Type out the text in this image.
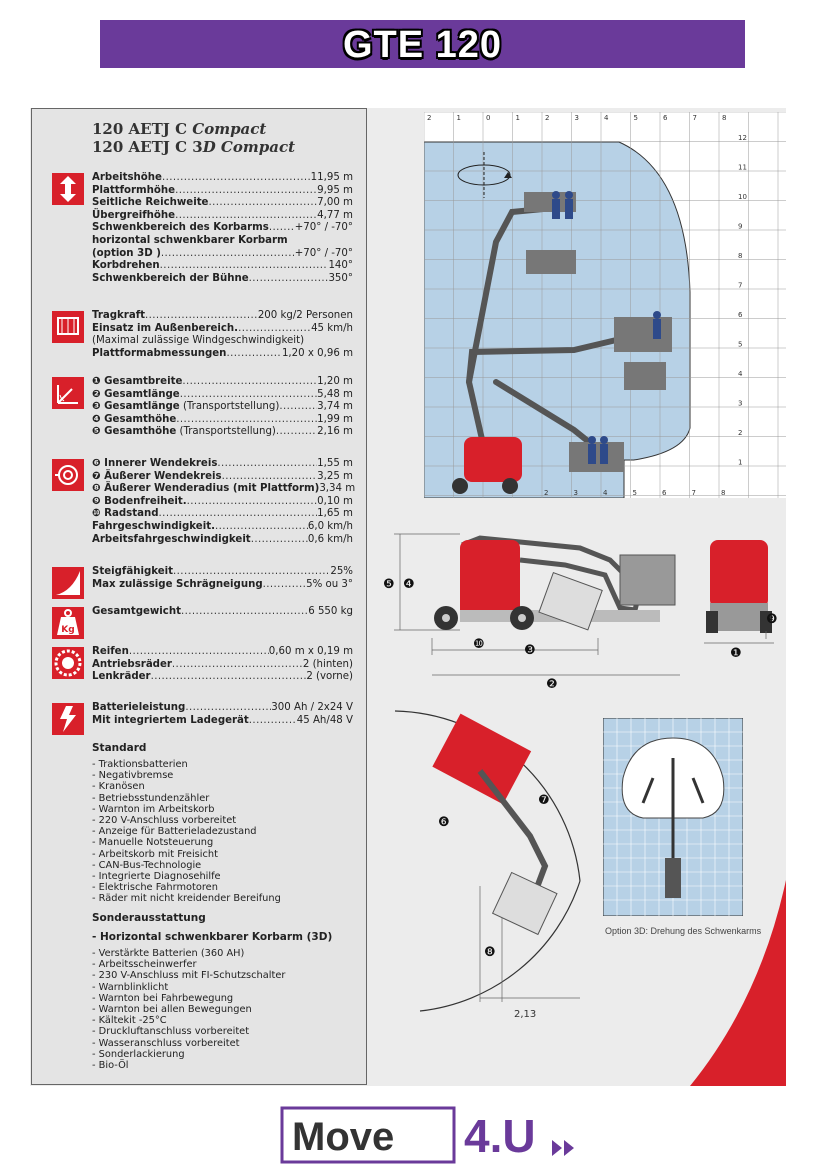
GTE 120
120 AETJ C Compact
120 AETJ C 3D Compact
Arbeitshöhe .....	11,95 m
Plattformhöhe .....	9,95 m
Seitliche Reichweite .....	7,00 m
Übergreifhöhe .....	4,77 m
Schwenkbereich des Korbarms .....	+70° / -70°
horizontal schwenkbarer Korbarm
(option 3D ) .....	+70° / -70°
Korbdrehen .....	140°
Schwenkbereich der Bühne .....	350°
Tragkraft .....	200 kg/2 Personen
Einsatz im Außenbereich. .....	45 km/h
(Maximal zulässige Windgeschwindigkeit)
Plattformabmessungen .....	1,20 x 0,96 m
❶ Gesamtbreite .....	1,20 m
❷ Gesamtlänge .....	5,48 m
❸ Gesamtlänge (Transportstellung) .....	3,74 m
❹ Gesamthöhe .....	1,99 m
❺ Gesamthöhe (Transportstellung) .....	2,16 m
❻ Innerer Wendekreis .....	1,55 m
❼ Äußerer Wendekreis .....	3,25 m
❽ Äußerer Wenderadius (mit Plattform) 3,34 m
❾ Bodenfreiheit. .....	0,10 m
❿ Radstand .....	1,65 m
Fahrgeschwindigkeit. .....	6,0 km/h
Arbeitsfahrgeschwindigkeit .....	0,6 km/h
Steigfähigkeit .....	25%
Max zulässige Schrägneigung .....	5% ou 3°
Kg
Gesamtgewicht .....	6 550 kg
Reifen .....	0,60 m x 0,19 m
Antriebsräder .....	2 (hinten)
Lenkräder .....	2 (vorne)
Batterieleistung .....	300 Ah / 2x24 V
Mit integriertem Ladegerät .....	45 Ah/48 V
Standard
- Traktionsbatterien
- Negativbremse
- Kranösen
- Betriebsstundenzähler
- Warnton im Arbeitskorb
- 220 V-Anschluss vorbereitet
- Anzeige für Batterieladezustand
- Manuelle Notsteuerung
- Arbeitskorb mit Freisicht
- CAN-Bus-Technologie
- Integrierte Diagnosehilfe
- Elektrische Fahrmotoren
- Räder mit nicht kreidender Bereifung
Sonderausstattung
- Horizontal schwenkbarer Korbarm (3D)
- Verstärkte Batterien (360 AH)
- Arbeitsscheinwerfer
- 230 V-Anschluss mit FI-Schutzschalter
- Warnblinklicht
- Warnton bei Fahrbewegung
- Warnton bei allen Bewegungen
- Kältekit -25°C
- Druckluftanschluss vorbereitet
- Wasseranschluss vorbereitet
- Sonderlackierung
- Bio-Öl
2	1	0	1	2	3	4	5	6	7	8
12
11
10
9
8
7
6
5
4
3
2
1
2	3	4	5	6	7	8
❺ ❹
❿	❸
❷
❾
❶
❼
❻
❽
2,13
Option 3D: Drehung des Schwenkarms
Move 4.U
